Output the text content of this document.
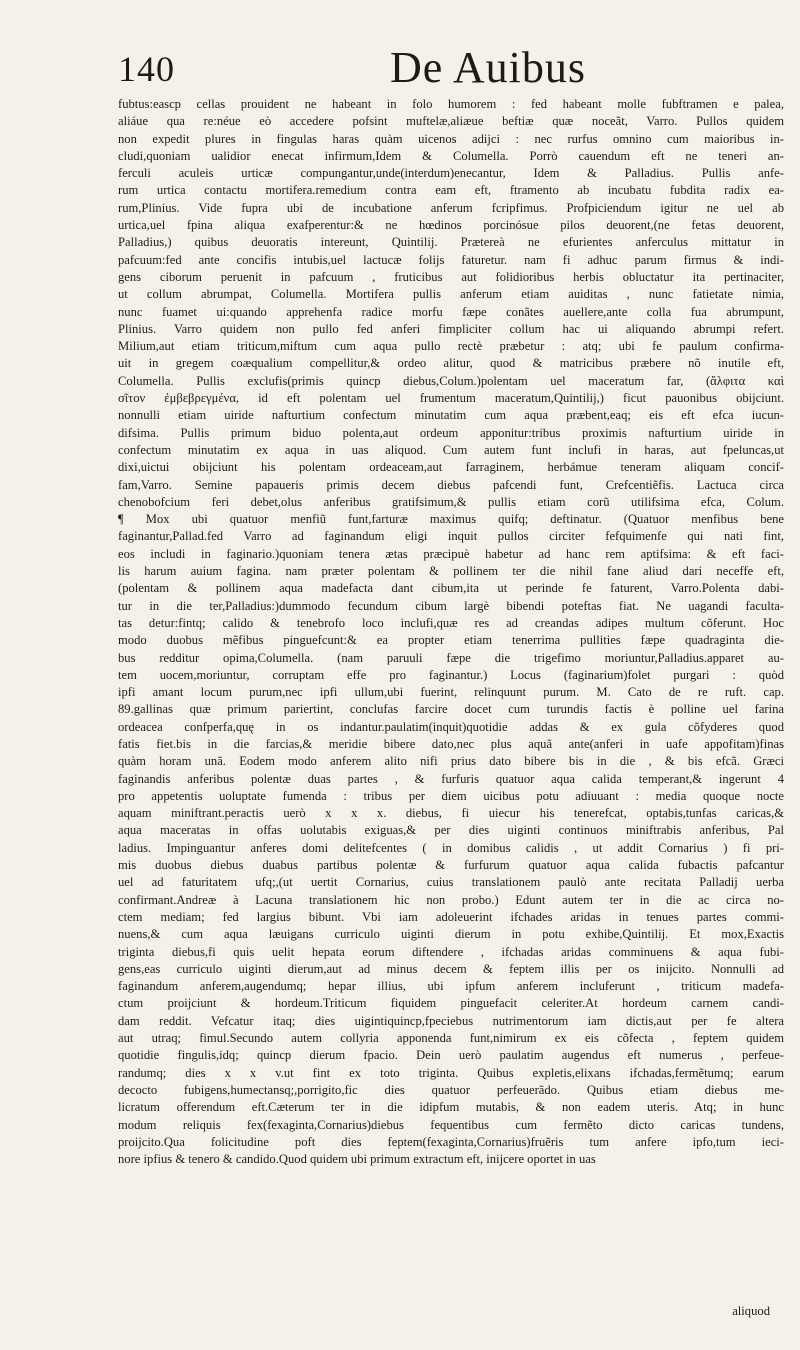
140	De Auibus
fubtus:eascp cellas prouident ne habeant in folo humorem : fed habeant molle fubftramen e palea,
aliáue qua re:néue eò accedere pofsint muftelæ,aliæue beftiæ quæ noceãt, Varro. Pullos quidem
non expedit plures in fingulas haras quàm uicenos adijci : nec rurfus omnino cum maioribus in-
cludi,quoniam ualidior enecat infirmum,Idem & Columella. Porrò cauendum eft ne teneri an-
ferculi aculeis urticæ compungantur,unde(interdum)enecantur, Idem & Palladius. Pullis anfe-
rum urtica contactu mortifera.remedium contra eam eft, ftramento ab incubatu fubdita radix ea-
rum,Plinius. Vide fupra ubi de incubatione anferum fcripfimus. Profpiciendum igitur ne uel ab
urtica,uel fpina aliqua exafperentur:& ne hœdinos porcinósue pilos deuorent,(ne fetas deuorent,
Palladius,) quibus deuoratis intereunt, Quintilij. Prætereà ne efurientes anferculus mittatur in
pafcuum:fed ante concifis intubis,uel lactucæ folijs faturetur. nam fi adhuc parum firmus & indi-
gens ciborum peruenit in pafcuum , fruticibus aut folidioribus herbis obluctatur ita pertinaciter,
ut collum abrumpat, Columella. Mortifera pullis anferum etiam auiditas , nunc fatietate nimia,
nunc fuamet ui:quando apprehenfa radice morfu fæpe conãtes auellere,ante colla fua abrumpunt,
Plinius. Varro quidem non pullo fed anferi fimpliciter collum hac ui aliquando abrumpi refert.
Milium,aut etiam triticum,miftum cum aqua pullo rectè præbetur : atq; ubi fe paulum confirma-
uit in gregem coæqualium compellitur,& ordeo alitur, quod & matricibus præbere nõ inutile eft,
Columella. Pullis exclufis(primis quincp diebus,Colum.)polentam uel maceratum far, (ἄλφιτα καὶ
σῖτον ἐμβεβρεγμένα, id eft polentam uel frumentum maceratum,Quintilij,) ficut pauonibus obijciunt.
nonnulli etiam uiride nafturtium confectum minutatim cum aqua præbent,eaq; eis eft efca iucun-
difsima. Pullis primum biduo polenta,aut ordeum apponitur:tribus proximis nafturtium uiride in
confectum minutatim ex aqua in uas aliquod. Cum autem funt inclufi in haras, aut fpeluncas,ut
dixi,uictui obijciunt his polentam ordeaceam,aut farraginem, herbámue teneram aliquam concif-
fam,Varro. Semine papaueris primis decem diebus pafcendi funt, Crefcentiẽfis. Lactuca circa
chenobofcium feri debet,olus anferibus gratifsimum,& pullis etiam corũ utilifsima efca, Colum.
¶ Mox ubi quatuor menfiũ funt,farturæ maximus quifq; deftinatur. (Quatuor menfibus bene
faginantur,Pallad.fed Varro ad faginandum eligi inquit pullos circiter fefquimenfe qui nati fint,
eos includi in faginario.)quoniam tenera ætas præcipuè habetur ad hanc rem aptifsima: & eft faci-
lis harum auium fagina. nam præter polentam & pollinem ter die nihil fane aliud dari neceffe eft,
(polentam & pollinem aqua madefacta dant cibum,ita ut perinde fe faturent, Varro.Polenta dabi-
tur in die ter,Palladius:)dummodo fecundum cibum largè bibendi poteftas fiat. Ne uagandi faculta-
tas detur:fintq; calido & tenebrofo loco inclufi,quæ res ad creandas adipes multum cõferunt. Hoc
modo duobus mẽfibus pinguefcunt:& ea propter etiam tenerrima pullities fæpe quadraginta die-
bus redditur opima,Columella. (nam paruuli fæpe die trigefimo moriuntur,Palladius.apparet au-
tem uocem,moriuntur, corruptam effe pro faginantur.) Locus (faginarium)folet purgari : quòd
ipfi amant locum purum,nec ipfi ullum,ubi fuerint, relinquunt purum. M. Cato de re ruft. cap.
89.gallinas quæ primum pariertint, conclufas farcire docet cum turundis factis è polline uel farina
ordeacea confperfa,quę in os indantur.paulatim(inquit)quotidie addas & ex gula cõfyderes quod
fatis fiet.bis in die farcias,& meridie bibere dato,nec plus aquã ante(anferi in uafe appofitam)finas
quàm horam unã. Eodem modo anferem alito nifi prius dato bibere bis in die , & bis efcã. Græci
faginandis anferibus polentæ duas partes , & furfuris quatuor aqua calida temperant,& ingerunt 4
pro appetentis uoluptate fumenda : tribus per diem uicibus potu adiuuant : media quoque nocte
aquam miniftrant.peractis uerò x x x. diebus, fi uiecur his tenerefcat, optabis,tunfas caricas,&
aqua maceratas in offas uolutabis exiguas,& per dies uiginti continuos miniftrabis anferibus, Pal
ladius. Impinguantur anferes domi delitefcentes ( in domibus calidis , ut addit Cornarius ) fi pri-
mis duobus diebus duabus partibus polentæ & furfurum quatuor aqua calida fubactis pafcantur
uel ad faturitatem ufq;,(ut uertit Cornarius, cuius translationem paulò ante recitata Palladij uerba
confirmant.Andreæ à Lacuna translationem hic non probo.) Edunt autem ter in die ac circa no-
ctem mediam; fed largius bibunt. Vbi iam adoleuerint ifchades aridas in tenues partes commi-
nuens,& cum aqua læuigans curriculo uiginti dierum in potu exhibe,Quintilij. Et mox,Exactis
triginta diebus,fi quis uelit hepata eorum diftendere , ifchadas aridas comminuens & aqua fubi-
gens,eas curriculo uiginti dierum,aut ad minus decem & feptem illis per os inijcito. Nonnulli ad
faginandum anferem,augendumq; hepar illius, ubi ipfum anferem incluferunt , triticum madefa-
ctum proijciunt & hordeum.Triticum fiquidem pinguefacit celeriter.At hordeum carnem candi-
dam reddit. Vefcatur itaq; dies uigintiquincp,fpeciebus nutrimentorum iam dictis,aut per fe altera
aut utraq; fimul.Secundo autem collyria apponenda funt,nimirum ex eis cõfecta , feptem quidem
quotidie fingulis,idq; quincp dierum fpacio. Dein uerò paulatim augendus eft numerus , perfeue-
randumq; dies x x v.ut fint ex toto triginta. Quibus expletis,elixans ifchadas,fermẽtumq; earum
decocto fubigens,humectansq;,porrigito,fic dies quatuor perfeuerãdo. Quibus etiam diebus me-
licratum offerendum eft.Cæterum ter in die idipfum mutabis, & non eadem uteris. Atq; in hunc
modum reliquis fex(fexaginta,Cornarius)diebus fequentibus cum fermẽto dicto caricas tundens,
proijcito.Qua folicitudine poft dies feptem(fexaginta,Cornarius)fruẽris tum anfere ipfo,tum ieci-
nore ipfius & tenero & candido.Quod quidem ubi primum extractum eft, inijcere oportet in uas
aliquod
